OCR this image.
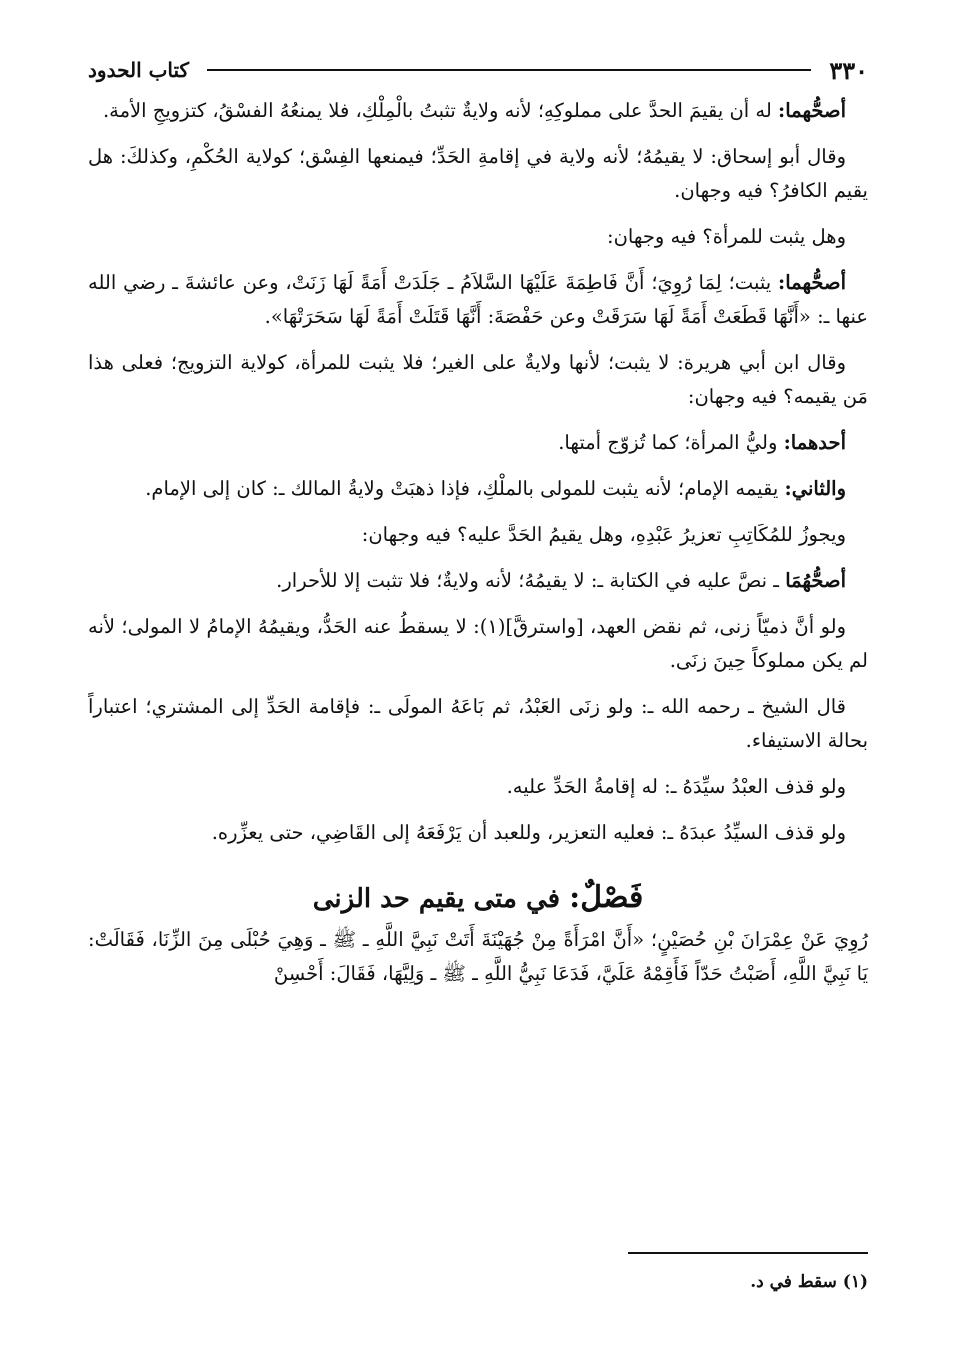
٣٣٠
كتاب الحدود

أصحُّهما: له أن يقيمَ الحدَّ على مملوكِهِ؛ لأنه ولايةٌ تثبتُ بالْمِلْكِ، فلا يمنعُهُ الفسْقُ، كتزويجِ الأمة.

وقال أبو إسحاق: لا يقيمُهُ؛ لأنه ولاية في إقامةِ الحَدِّ؛ فيمنعها الفِسْق؛ كولاية الحُكْمِ، وكذلكَ: هل يقيم الكافرُ؟ فيه وجهان.

وهل يثبت للمرأة؟ فيه وجهان:

أصحُّهما: يثبت؛ لِمَا رُوِيَ؛ أَنَّ فَاطِمَةَ عَلَيْهَا السَّلاَمُ ـ جَلَدَتْ أَمَةً لَهَا زَنَتْ، وعن عائشةَ ـ رضي الله عنها ـ: «أَنَّهَا قَطَعَتْ أَمَةً لَهَا سَرَقَتْ وعن حَفْصَةَ: أَنَّهَا قَتَلَتْ أَمَةً لَهَا سَحَرَتْهَا».

وقال ابن أبي هريرة: لا يثبت؛ لأنها ولايةٌ على الغير؛ فلا يثبت للمرأة، كولاية التزويج؛ فعلى هذا مَن يقيمه؟ فيه وجهان:

أحدهما: وليُّ المرأة؛ كما تُزوّج أمتها.

والثاني: يقيمه الإمام؛ لأنه يثبت للمولى بالملْكِ، فإذا ذهبَتْ ولايةُ المالك ـ: كان إلى الإمام.

ويجوزُ للمُكَاتِبِ تعزيرُ عَبْدِهِ، وهل يقيمُ الحَدَّ عليه؟ فيه وجهان:

أصحُّهُمَا ـ نصَّ عليه في الكتابة ـ: لا يقيمُهُ؛ لأنه ولايةٌ؛ فلا تثبت إلا للأحرار.

ولو أنَّ ذميّاً زنى، ثم نقض العهد، [واسترقَّ](١): لا يسقطُ عنه الحَدُّ، ويقيمُهُ الإمامُ لا المولى؛ لأنه لم يكن مملوكاً حِينَ زنَى.

قال الشيخ ـ رحمه الله ـ: ولو زنَى العَبْدُ، ثم بَاعَهُ المولَى ـ: فإقامة الحَدِّ إلى المشتري؛ اعتباراً بحالة الاستيفاء.

ولو قذف العبْدُ سيِّدَهُ ـ: له إقامةُ الحَدِّ عليه.

ولو قذف السيِّدُ عبدَهُ ـ: فعليه التعزير، وللعبد أن يَرْفَعَهُ إلى القَاضِي، حتى يعزِّره.

فَصْلٌ: في متى يقيم حد الزنى

رُوِيَ عَنْ عِمْرَانَ بْنِ حُصَيْنٍ؛ «أَنَّ امْرَأَةً مِنْ جُهَيْنَةَ أَتَتْ نَبِيَّ اللَّهِ ـ ﷺ ـ وَهِيَ حُبْلَى مِنَ الزِّنَا، فَقَالَتْ: يَا نَبِيَّ اللَّهِ، أَصَبْتُ حَدّاً فَأَقِمْهُ عَلَيَّ، فَدَعَا نَبِيُّ اللَّهِ ـ ﷺ ـ وَلِيَّهَا، فَقَالَ: أَحْسِنْ

(١) سقط في د.
